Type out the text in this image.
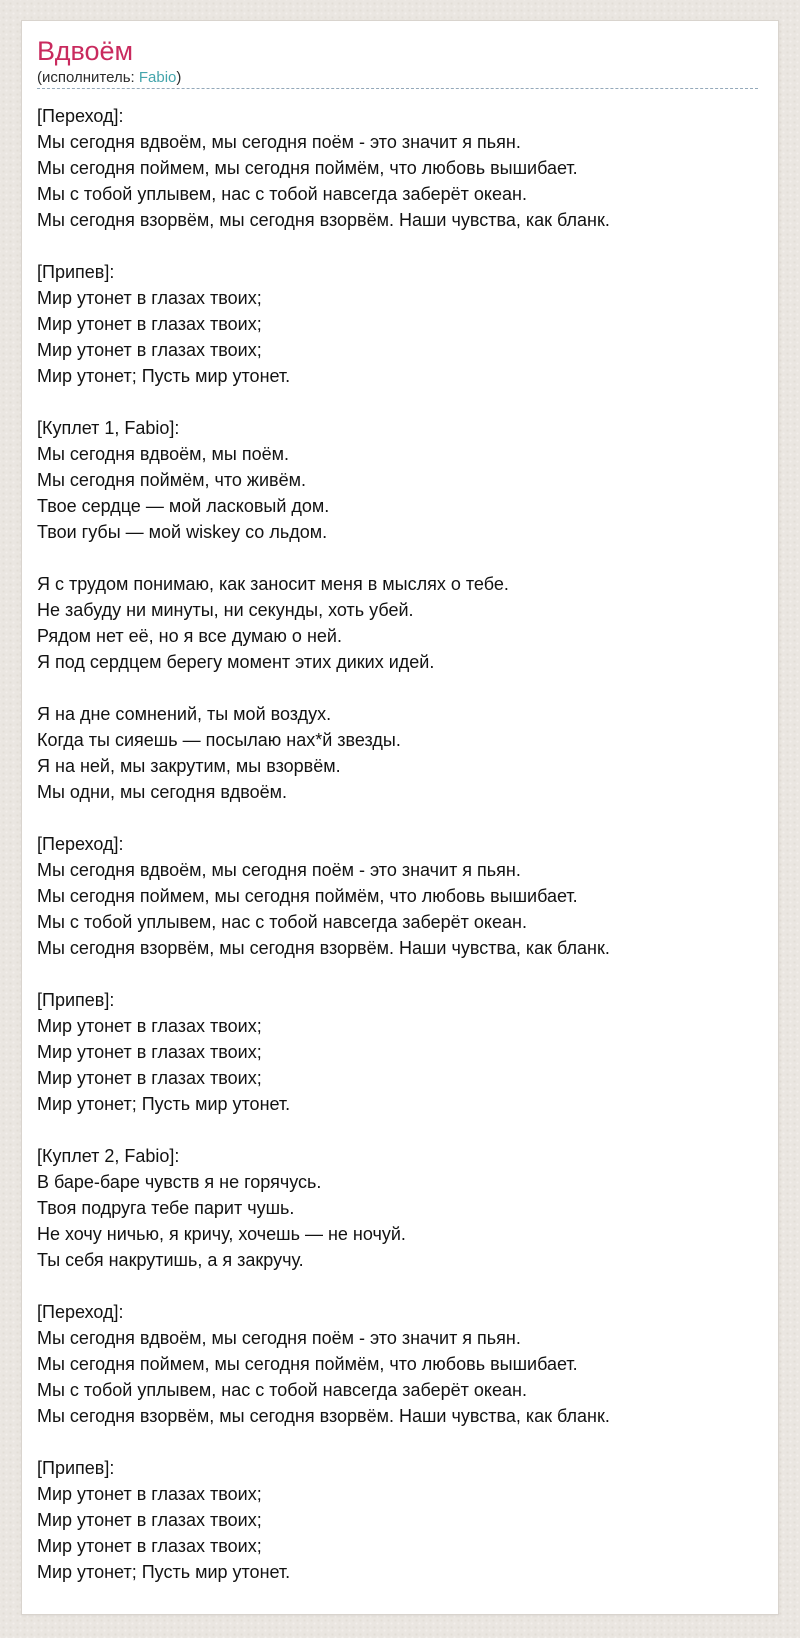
Вдвоём
(исполнитель: Fabio)

[Переход]:
Мы сегодня вдвоём, мы сегодня поём - это значит я пьян.
Мы сегодня поймем, мы сегодня поймём, что любовь вышибает.
Мы с тобой уплывем, нас с тобой навсегда заберёт океан.
Мы сегодня взорвём, мы сегодня взорвём. Наши чувства, как бланк.

[Припев]:
Мир утонет в глазах твоих;
Мир утонет в глазах твоих;
Мир утонет в глазах твоих;
Мир утонет; Пусть мир утонет.

[Куплет 1, Fabio]:
Мы сегодня вдвоём, мы поём.
Мы сегодня поймём, что живём.
Твое сердце — мой ласковый дом.
Твои губы — мой wiskey со льдом.

Я с трудом понимаю, как заносит меня в мыслях о тебе.
Не забуду ни минуты, ни секунды, хоть убей.
Рядом нет её, но я все думаю о ней.
Я под сердцем берегу момент этих диких идей.

Я на дне сомнений, ты мой воздух.
Когда ты сияешь — посылаю нах*й звезды.
Я на ней, мы закрутим, мы взорвём.
Мы одни, мы сегодня вдвоём.

[Переход]:
Мы сегодня вдвоём, мы сегодня поём - это значит я пьян.
Мы сегодня поймем, мы сегодня поймём, что любовь вышибает.
Мы с тобой уплывем, нас с тобой навсегда заберёт океан.
Мы сегодня взорвём, мы сегодня взорвём. Наши чувства, как бланк.

[Припев]:
Мир утонет в глазах твоих;
Мир утонет в глазах твоих;
Мир утонет в глазах твоих;
Мир утонет; Пусть мир утонет.

[Куплет 2, Fabio]:
В баре-баре чувств я не горячусь.
Твоя подруга тебе парит чушь.
Не хочу ничью, я кричу, хочешь — не ночуй.
Ты себя накрутишь, а я закручу.

[Переход]:
Мы сегодня вдвоём, мы сегодня поём - это значит я пьян.
Мы сегодня поймем, мы сегодня поймём, что любовь вышибает.
Мы с тобой уплывем, нас с тобой навсегда заберёт океан.
Мы сегодня взорвём, мы сегодня взорвём. Наши чувства, как бланк.

[Припев]:
Мир утонет в глазах твоих;
Мир утонет в глазах твоих;
Мир утонет в глазах твоих;
Мир утонет; Пусть мир утонет.
